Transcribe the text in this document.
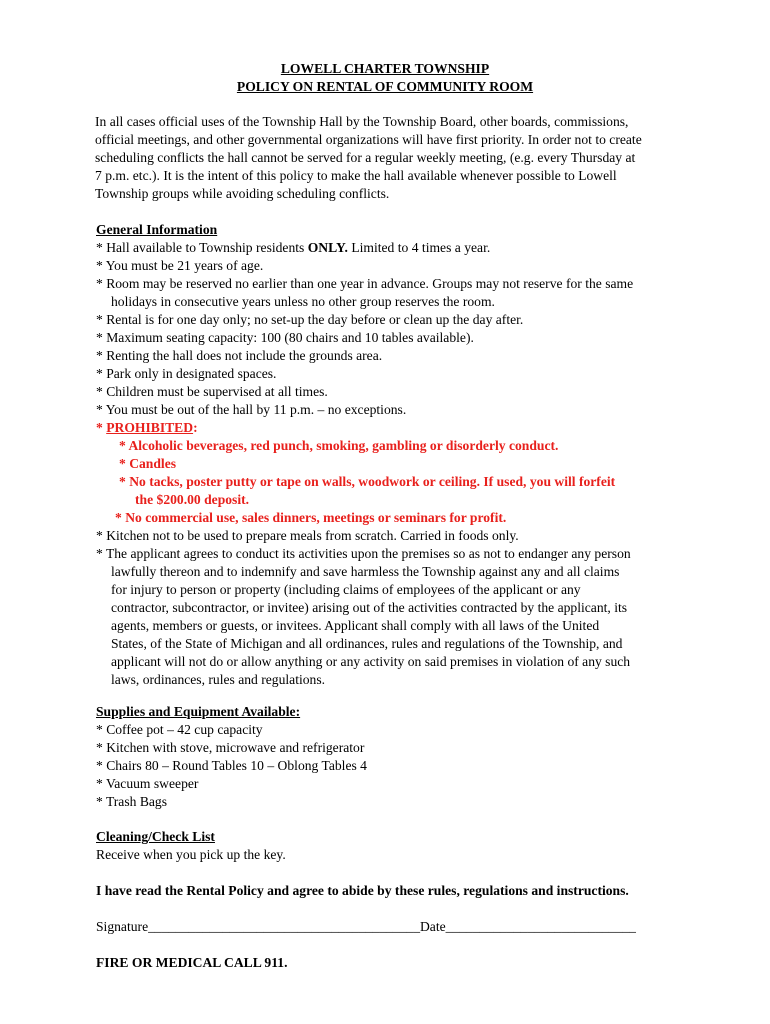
LOWELL CHARTER TOWNSHIP
POLICY ON RENTAL OF COMMUNITY ROOM
In all cases official uses of the Township Hall by the Township Board, other boards, commissions,
official meetings, and other governmental organizations will have first priority. In order not to create
scheduling conflicts the hall cannot be served for a regular weekly meeting, (e.g. every Thursday at
7 p.m. etc.). It is the intent of this policy to make the hall available whenever possible to Lowell
Township groups while avoiding scheduling conflicts.
General Information
* Hall available to Township residents ONLY. Limited to 4 times a year.
* You must be 21 years of age.
* Room may be reserved no earlier than one year in advance. Groups may not reserve for the same
holidays in consecutive years unless no other group reserves the room.
* Rental is for one day only; no set-up the day before or clean up the day after.
* Maximum seating capacity: 100 (80 chairs and 10 tables available).
* Renting the hall does not include the grounds area.
* Park only in designated spaces.
* Children must be supervised at all times.
* You must be out of the hall by 11 p.m. – no exceptions.
* PROHIBITED:
* Alcoholic beverages, red punch, smoking, gambling or disorderly conduct.
* Candles
* No tacks, poster putty or tape on walls, woodwork or ceiling. If used, you will forfeit
the $200.00 deposit.
* No commercial use, sales dinners, meetings or seminars for profit.
* Kitchen not to be used to prepare meals from scratch. Carried in foods only.
* The applicant agrees to conduct its activities upon the premises so as not to endanger any person
lawfully thereon and to indemnify and save harmless the Township against any and all claims
for injury to person or property (including claims of employees of the applicant or any
contractor, subcontractor, or invitee) arising out of the activities contracted by the applicant, its
agents, members or guests, or invitees. Applicant shall comply with all laws of the United
States, of the State of Michigan and all ordinances, rules and regulations of the Township, and
applicant will not do or allow anything or any activity on said premises in violation of any such
laws, ordinances, rules and regulations.
Supplies and Equipment Available:
* Coffee pot – 42 cup capacity
* Kitchen with stove, microwave and refrigerator
* Chairs 80 – Round Tables 10 – Oblong Tables 4
* Vacuum sweeper
* Trash Bags
Cleaning/Check List
Receive when you pick up the key.
I have read the Rental Policy and agree to abide by these rules, regulations and instructions.
Signature________________________________________Date____________________________
FIRE OR MEDICAL CALL 911.
